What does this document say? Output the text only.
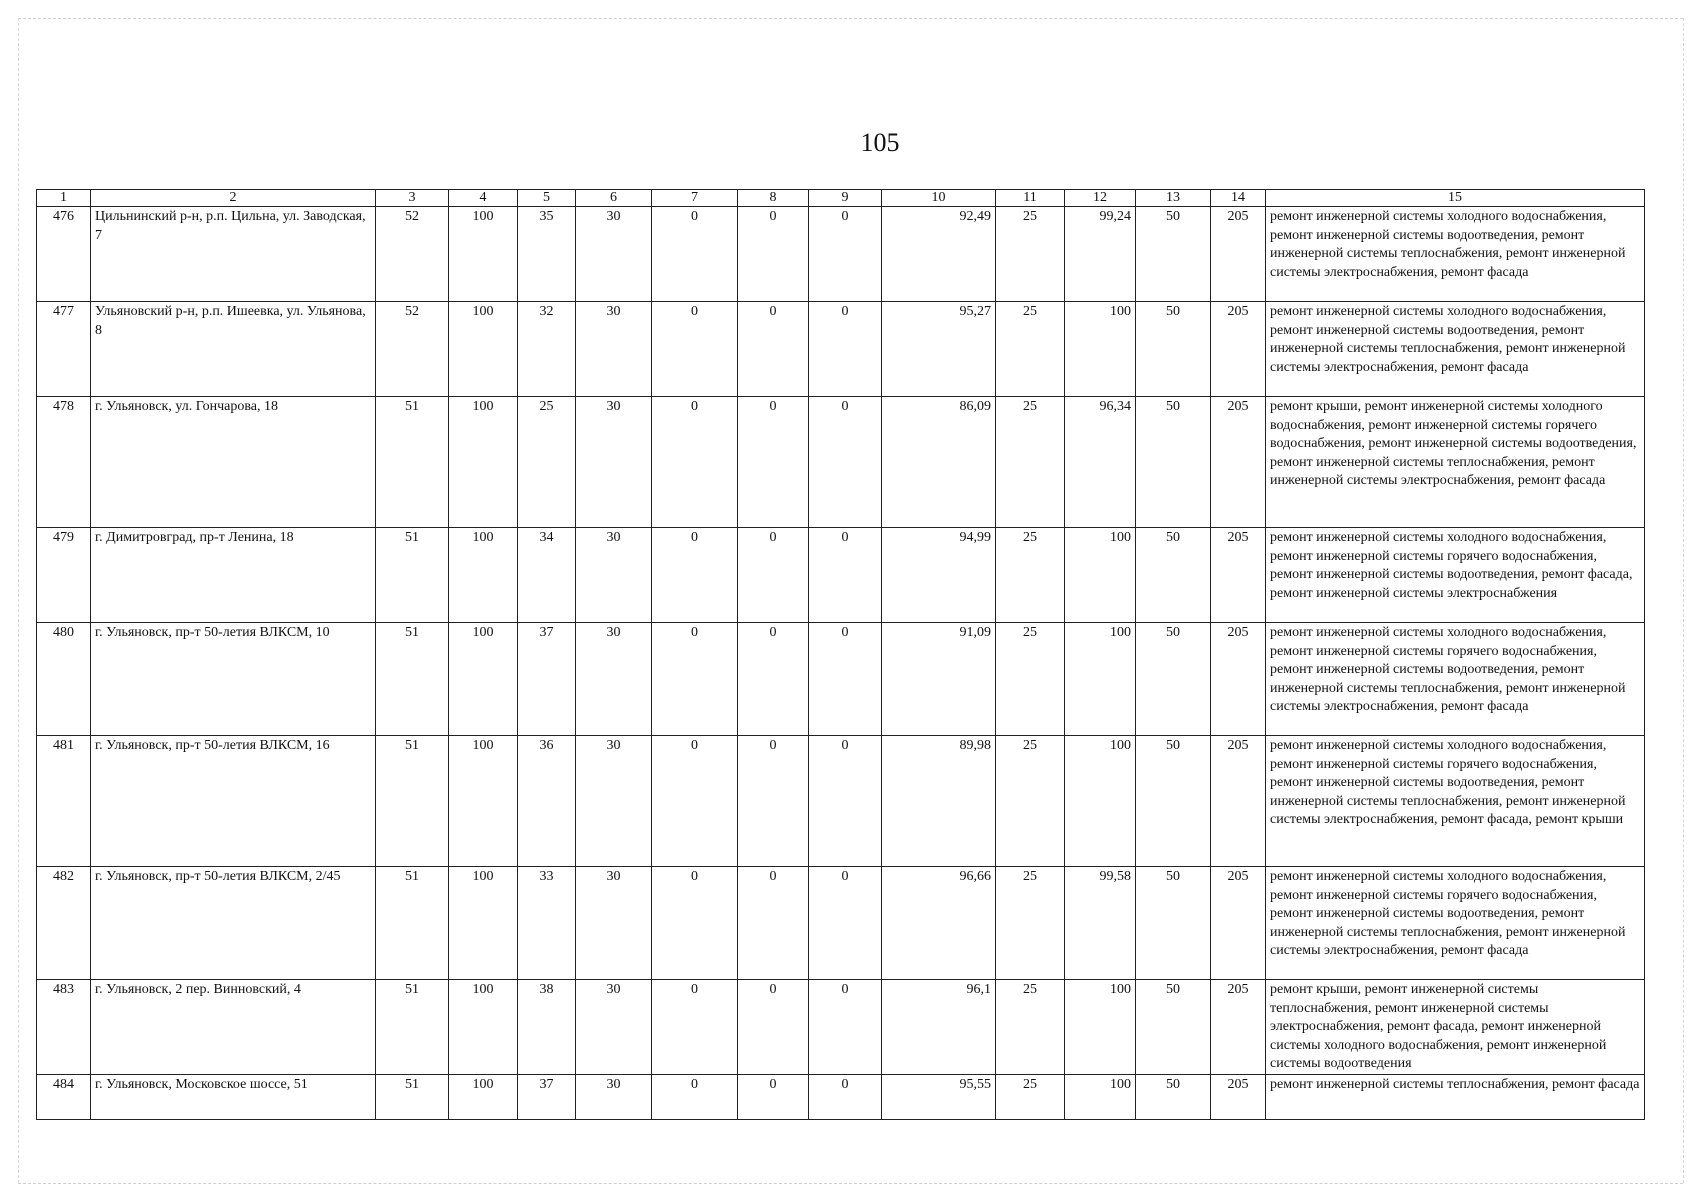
105
1	2	3	4	5	6	7	8	9	10	11	12	13	14	15
476	Цильнинский р-н, р.п. Цильна, ул. Заводская, 7	52	100	35	30	0	0	0	92,49	25	99,24	50	205	ремонт инженерной системы холодного водоснабжения, ремонт инженерной системы водоотведения, ремонт инженерной системы теплоснабжения, ремонт инженерной системы электроснабжения, ремонт фасада
477	Ульяновский р-н, р.п. Ишеевка, ул. Ульянова, 8	52	100	32	30	0	0	0	95,27	25	100	50	205	ремонт инженерной системы холодного водоснабжения, ремонт инженерной системы водоотведения, ремонт инженерной системы теплоснабжения, ремонт инженерной системы электроснабжения, ремонт фасада
478	г. Ульяновск, ул. Гончарова, 18	51	100	25	30	0	0	0	86,09	25	96,34	50	205	ремонт крыши, ремонт инженерной системы холодного водоснабжения, ремонт инженерной системы горячего водоснабжения, ремонт инженерной системы водоотведения, ремонт инженерной системы теплоснабжения, ремонт инженерной системы электроснабжения, ремонт фасада
479	г. Димитровград, пр-т Ленина, 18	51	100	34	30	0	0	0	94,99	25	100	50	205	ремонт инженерной системы холодного водоснабжения, ремонт инженерной системы горячего водоснабжения, ремонт инженерной системы водоотведения, ремонт фасада, ремонт инженерной системы электроснабжения
480	г. Ульяновск, пр-т 50-летия ВЛКСМ, 10	51	100	37	30	0	0	0	91,09	25	100	50	205	ремонт инженерной системы холодного водоснабжения, ремонт инженерной системы горячего водоснабжения, ремонт инженерной системы водоотведения, ремонт инженерной системы теплоснабжения, ремонт инженерной системы электроснабжения, ремонт фасада
481	г. Ульяновск, пр-т 50-летия ВЛКСМ, 16	51	100	36	30	0	0	0	89,98	25	100	50	205	ремонт инженерной системы холодного водоснабжения, ремонт инженерной системы горячего водоснабжения, ремонт инженерной системы водоотведения, ремонт инженерной системы теплоснабжения, ремонт инженерной системы электроснабжения, ремонт фасада, ремонт крыши
482	г. Ульяновск, пр-т 50-летия ВЛКСМ, 2/45	51	100	33	30	0	0	0	96,66	25	99,58	50	205	ремонт инженерной системы холодного водоснабжения, ремонт инженерной системы горячего водоснабжения, ремонт инженерной системы водоотведения, ремонт инженерной системы теплоснабжения, ремонт инженерной системы электроснабжения, ремонт фасада
483	г. Ульяновск, 2 пер. Винновский, 4	51	100	38	30	0	0	0	96,1	25	100	50	205	ремонт крыши, ремонт инженерной системы теплоснабжения, ремонт инженерной системы электроснабжения, ремонт фасада, ремонт инженерной системы холодного водоснабжения, ремонт инженерной системы водоотведения
484	г. Ульяновск, Московское шоссе, 51	51	100	37	30	0	0	0	95,55	25	100	50	205	ремонт инженерной системы теплоснабжения, ремонт фасада
